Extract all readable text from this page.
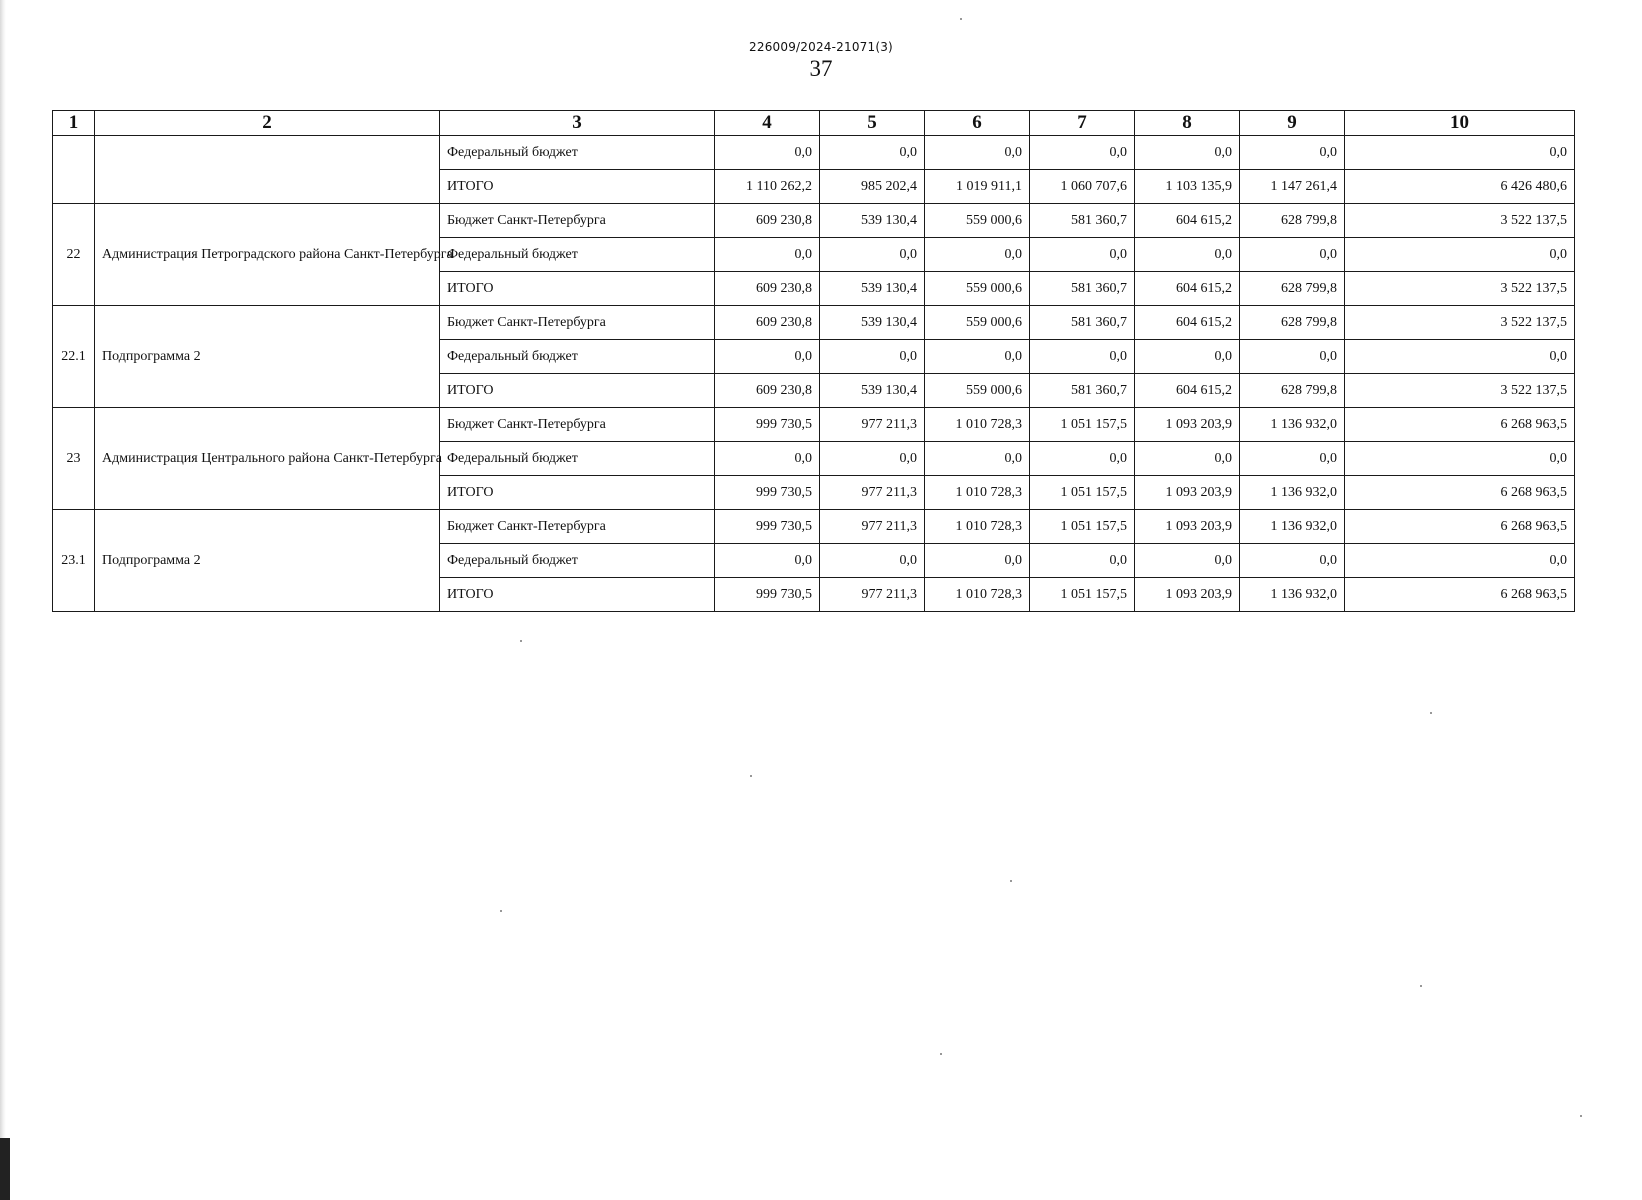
226009/2024-21071(3)
37
1	2	3	4	5	6	7	8	9	10
		Федеральный бюджет	0,0	0,0	0,0	0,0	0,0	0,0	0,0
		ИТОГО	1 110 262,2	985 202,4	1 019 911,1	1 060 707,6	1 103 135,9	1 147 261,4	6 426 480,6
22	Администрация Петроградского района Санкт-Петербурга	Бюджет Санкт-Петербурга	609 230,8	539 130,4	559 000,6	581 360,7	604 615,2	628 799,8	3 522 137,5
		Федеральный бюджет	0,0	0,0	0,0	0,0	0,0	0,0	0,0
		ИТОГО	609 230,8	539 130,4	559 000,6	581 360,7	604 615,2	628 799,8	3 522 137,5
22.1	Подпрограмма 2	Бюджет Санкт-Петербурга	609 230,8	539 130,4	559 000,6	581 360,7	604 615,2	628 799,8	3 522 137,5
		Федеральный бюджет	0,0	0,0	0,0	0,0	0,0	0,0	0,0
		ИТОГО	609 230,8	539 130,4	559 000,6	581 360,7	604 615,2	628 799,8	3 522 137,5
23	Администрация Центрального района Санкт-Петербурга	Бюджет Санкт-Петербурга	999 730,5	977 211,3	1 010 728,3	1 051 157,5	1 093 203,9	1 136 932,0	6 268 963,5
		Федеральный бюджет	0,0	0,0	0,0	0,0	0,0	0,0	0,0
		ИТОГО	999 730,5	977 211,3	1 010 728,3	1 051 157,5	1 093 203,9	1 136 932,0	6 268 963,5
23.1	Подпрограмма 2	Бюджет Санкт-Петербурга	999 730,5	977 211,3	1 010 728,3	1 051 157,5	1 093 203,9	1 136 932,0	6 268 963,5
		Федеральный бюджет	0,0	0,0	0,0	0,0	0,0	0,0	0,0
		ИТОГО	999 730,5	977 211,3	1 010 728,3	1 051 157,5	1 093 203,9	1 136 932,0	6 268 963,5
